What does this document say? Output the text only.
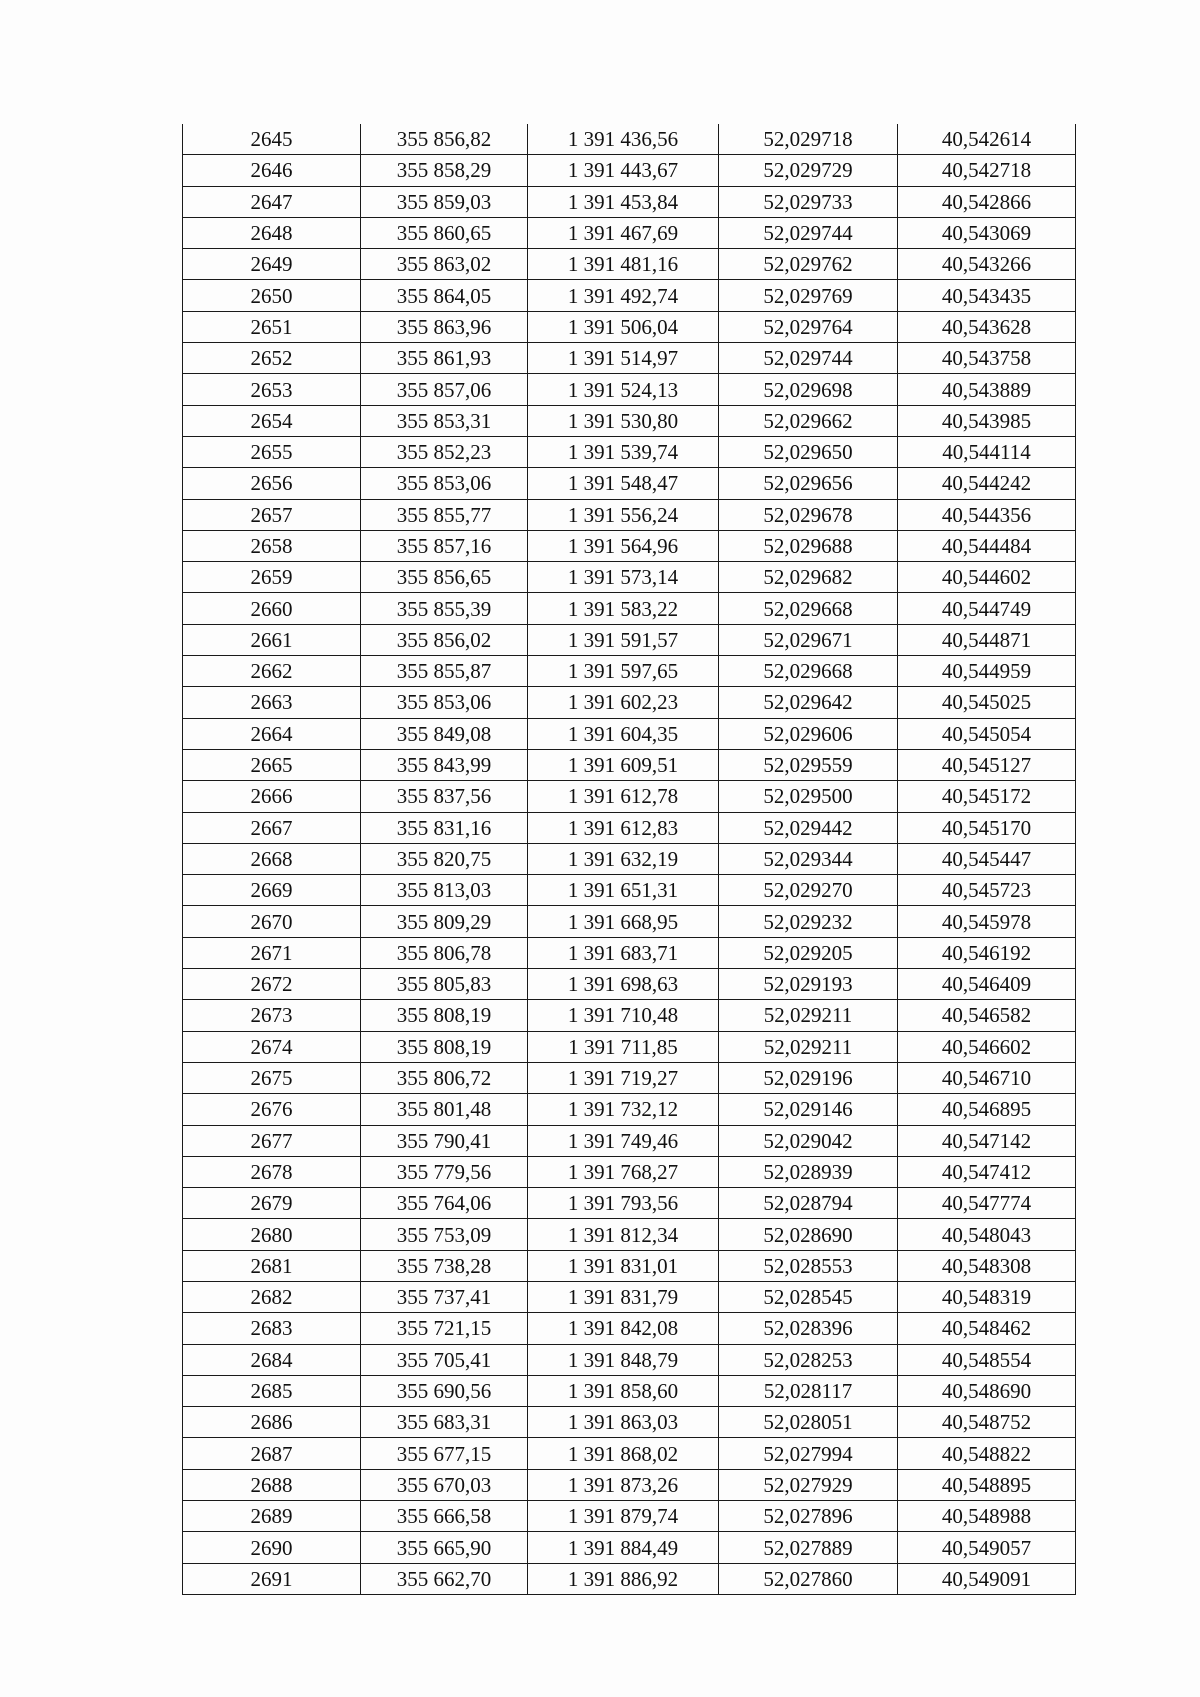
2645	355 856,82	1 391 436,56	52,029718	40,542614
2646	355 858,29	1 391 443,67	52,029729	40,542718
2647	355 859,03	1 391 453,84	52,029733	40,542866
2648	355 860,65	1 391 467,69	52,029744	40,543069
2649	355 863,02	1 391 481,16	52,029762	40,543266
2650	355 864,05	1 391 492,74	52,029769	40,543435
2651	355 863,96	1 391 506,04	52,029764	40,543628
2652	355 861,93	1 391 514,97	52,029744	40,543758
2653	355 857,06	1 391 524,13	52,029698	40,543889
2654	355 853,31	1 391 530,80	52,029662	40,543985
2655	355 852,23	1 391 539,74	52,029650	40,544114
2656	355 853,06	1 391 548,47	52,029656	40,544242
2657	355 855,77	1 391 556,24	52,029678	40,544356
2658	355 857,16	1 391 564,96	52,029688	40,544484
2659	355 856,65	1 391 573,14	52,029682	40,544602
2660	355 855,39	1 391 583,22	52,029668	40,544749
2661	355 856,02	1 391 591,57	52,029671	40,544871
2662	355 855,87	1 391 597,65	52,029668	40,544959
2663	355 853,06	1 391 602,23	52,029642	40,545025
2664	355 849,08	1 391 604,35	52,029606	40,545054
2665	355 843,99	1 391 609,51	52,029559	40,545127
2666	355 837,56	1 391 612,78	52,029500	40,545172
2667	355 831,16	1 391 612,83	52,029442	40,545170
2668	355 820,75	1 391 632,19	52,029344	40,545447
2669	355 813,03	1 391 651,31	52,029270	40,545723
2670	355 809,29	1 391 668,95	52,029232	40,545978
2671	355 806,78	1 391 683,71	52,029205	40,546192
2672	355 805,83	1 391 698,63	52,029193	40,546409
2673	355 808,19	1 391 710,48	52,029211	40,546582
2674	355 808,19	1 391 711,85	52,029211	40,546602
2675	355 806,72	1 391 719,27	52,029196	40,546710
2676	355 801,48	1 391 732,12	52,029146	40,546895
2677	355 790,41	1 391 749,46	52,029042	40,547142
2678	355 779,56	1 391 768,27	52,028939	40,547412
2679	355 764,06	1 391 793,56	52,028794	40,547774
2680	355 753,09	1 391 812,34	52,028690	40,548043
2681	355 738,28	1 391 831,01	52,028553	40,548308
2682	355 737,41	1 391 831,79	52,028545	40,548319
2683	355 721,15	1 391 842,08	52,028396	40,548462
2684	355 705,41	1 391 848,79	52,028253	40,548554
2685	355 690,56	1 391 858,60	52,028117	40,548690
2686	355 683,31	1 391 863,03	52,028051	40,548752
2687	355 677,15	1 391 868,02	52,027994	40,548822
2688	355 670,03	1 391 873,26	52,027929	40,548895
2689	355 666,58	1 391 879,74	52,027896	40,548988
2690	355 665,90	1 391 884,49	52,027889	40,549057
2691	355 662,70	1 391 886,92	52,027860	40,549091
